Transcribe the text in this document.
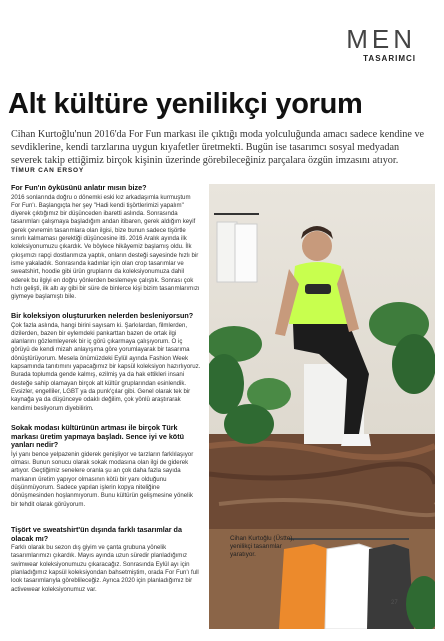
MEN
TASARIMCI
Alt kültüre yenilikçi yorum
Cihan Kurtoğlu'nun 2016'da For Fun markası ile çıktığı moda yolculuğunda amacı sadece kendine ve sevdiklerine, kendi tarzlarına uygun kıyafetler üretmekti. Bugün ise tasarımcı sosyal medyadan severek takip ettiğimiz birçok kişinin üzerinde görebileceğiniz parçalara özgün imzasını atıyor.
TİMUR CAN ERSOY

For Fun'ın öyküsünü anlatır mısın bize?

2016 sonlarında doğru o dönemki eski kız arkadaşımla kurmuştum For Fun'ı. Başlangıçta her şey "Hadi kendi tişörtlerimizi yapalım" diyerek çıktığımız bir düşünceden ibaretti aslında. Sonrasında tasarımları çalışmaya başladığım andan itibaren, gerek aldığım keyif gerek çevremin tasarımlara olan ilgisi, bize bunun sadece tişörtle sınırlı kalmaması gerektiği düşüncesine itti. 2016 Aralık ayında ilk koleksiyonumuzu çıkardık. Ve böylece hikâyemiz başlamış oldu. İlk çıkışımızı rapçi dostlarımıza yaptık, onların desteği sayesinde hızlı bir isme yakaladık. Sonrasında kadınlar için olan crop tasarımlar ve sweatshirt, hoodie gibi ürün gruplarını da koleksiyonumuza dahil ederek bu ilgiyi en doğru yönlerden beslemeye çalıştık. Sonrası çok hızlı gelişti, ilk altı ay gibi bir süre de binlerce kişi bizim tasarımlarımızı giymeye başlamıştı bile.

Bir koleksiyon oluştururken nelerden besleniyorsun?

Çok fazla aslında, hangi birini sayısam ki. Şarkılardan, filmlerden, dizilerden, bazen bir eylemdeki pankarttan bazen de ortak ilgi alanlarını gözlemleyerek bir iç görü çıkarmaya çalışıyorum. O iç görüyü de kendi mizah anlayışıma göre yorumlayarak bir tasarıma dönüştürüyorum. Mesela önümüzdeki Eylül ayında Fashion Week kapsamında tanıtımını yapacağımız bir kapsül koleksiyon hazırlıyoruz. Burada toplumda gende kalmış, ezilmiş ya da hak ettikleri insani desteğe sahip olamayan birçok alt kültür gruplarından esinlendik. Evsizler, engelliler, LGBT ya da punk'çılar gibi. Genel olarak tek bir kaynağa ya da düşünceye odaklı değilim, çok yönlü araştırarak kendimi besliyorum diyebilirim.

Sokak modası kültürünün artması ile birçok Türk markası üretim yapmaya başladı. Sence iyi ve kötü yanları nedir?

İyi yanı bence yelpazenin giderek genişliyor ve tarzların farklılaşıyor olması. Bunun sonucu olarak sokak modasına olan ilgi de giderek artıyor. Geçtiğimiz senelere oranla şu an çok daha fazla sayıda markanın üretim yapıyor olmasının kötü bir yanı olduğunu düşünmüyorum. Sadece yapılan işlerin kopya niteliğine dönüşmesinden hoşlanmıyorum. Bunu kültürün gelişmesine yönelik bir tehdit olarak görüyorum.

Tişört ve sweatshirt'ün dışında farklı tasarımlar da olacak mı?

Farklı olarak bu sezon dış giyim ve çanta grubuna yönelik tasarımlarımızı çıkardık. Mayıs ayında uzun süredir planladığımız swimwear koleksiyonumuzu çıkaracağız. Sonrasında Eylül ayı için planladığımız kapsül koleksiyondan bahsetmiştim, orada For Fun'ı full look tasarımlarıyla göreblileceğiz. Ayrıca 2020 için planladığımız bir activewear koleksiyonumuz var.

Cihan Kurtoğlu (Üstte), yenilikçi tasarımlar yaratıyor.
27
